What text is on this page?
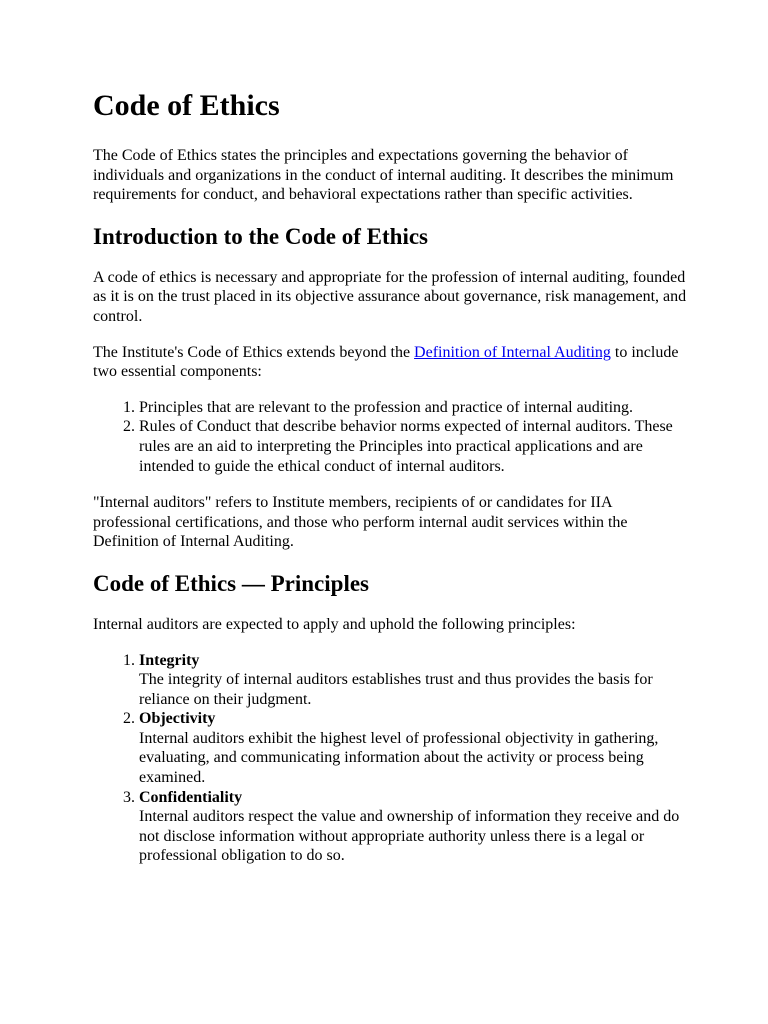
Code of Ethics

The Code of Ethics states the principles and expectations governing the behavior of individuals and organizations in the conduct of internal auditing. It describes the minimum requirements for conduct, and behavioral expectations rather than specific activities.

Introduction to the Code of Ethics

A code of ethics is necessary and appropriate for the profession of internal auditing, founded as it is on the trust placed in its objective assurance about governance, risk management, and control.

The Institute's Code of Ethics extends beyond the Definition of Internal Auditing to include two essential components:

1. Principles that are relevant to the profession and practice of internal auditing.
2. Rules of Conduct that describe behavior norms expected of internal auditors. These rules are an aid to interpreting the Principles into practical applications and are intended to guide the ethical conduct of internal auditors.

"Internal auditors" refers to Institute members, recipients of or candidates for IIA professional certifications, and those who perform internal audit services within the Definition of Internal Auditing.

Code of Ethics — Principles

Internal auditors are expected to apply and uphold the following principles:

1. Integrity
The integrity of internal auditors establishes trust and thus provides the basis for reliance on their judgment.
2. Objectivity
Internal auditors exhibit the highest level of professional objectivity in gathering, evaluating, and communicating information about the activity or process being examined.
3. Confidentiality
Internal auditors respect the value and ownership of information they receive and do not disclose information without appropriate authority unless there is a legal or professional obligation to do so.
